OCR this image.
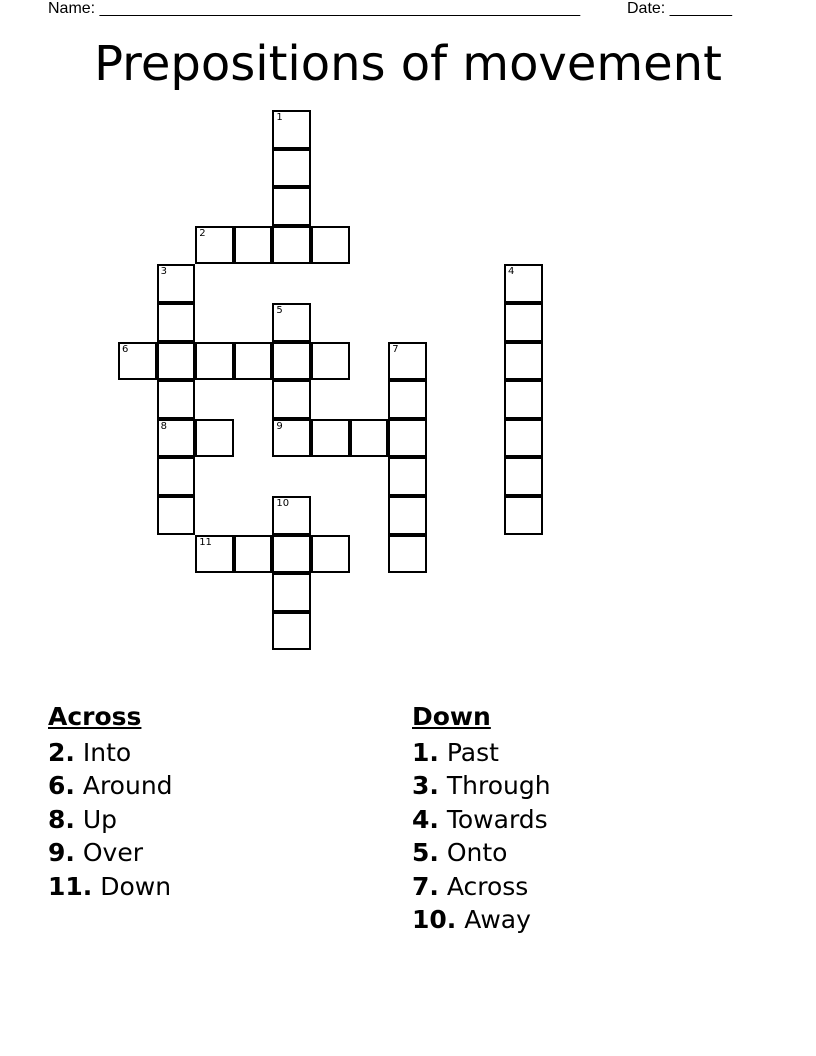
Name: ______________________________________________________	Date: _______
Prepositions of movement
1
2
3
8
4
5
9
6	7
10
11
Across
2. Into
6. Around
8. Up
9. Over
11. Down
Down
1. Past
3. Through
4. Towards
5. Onto
7. Across
10. Away
